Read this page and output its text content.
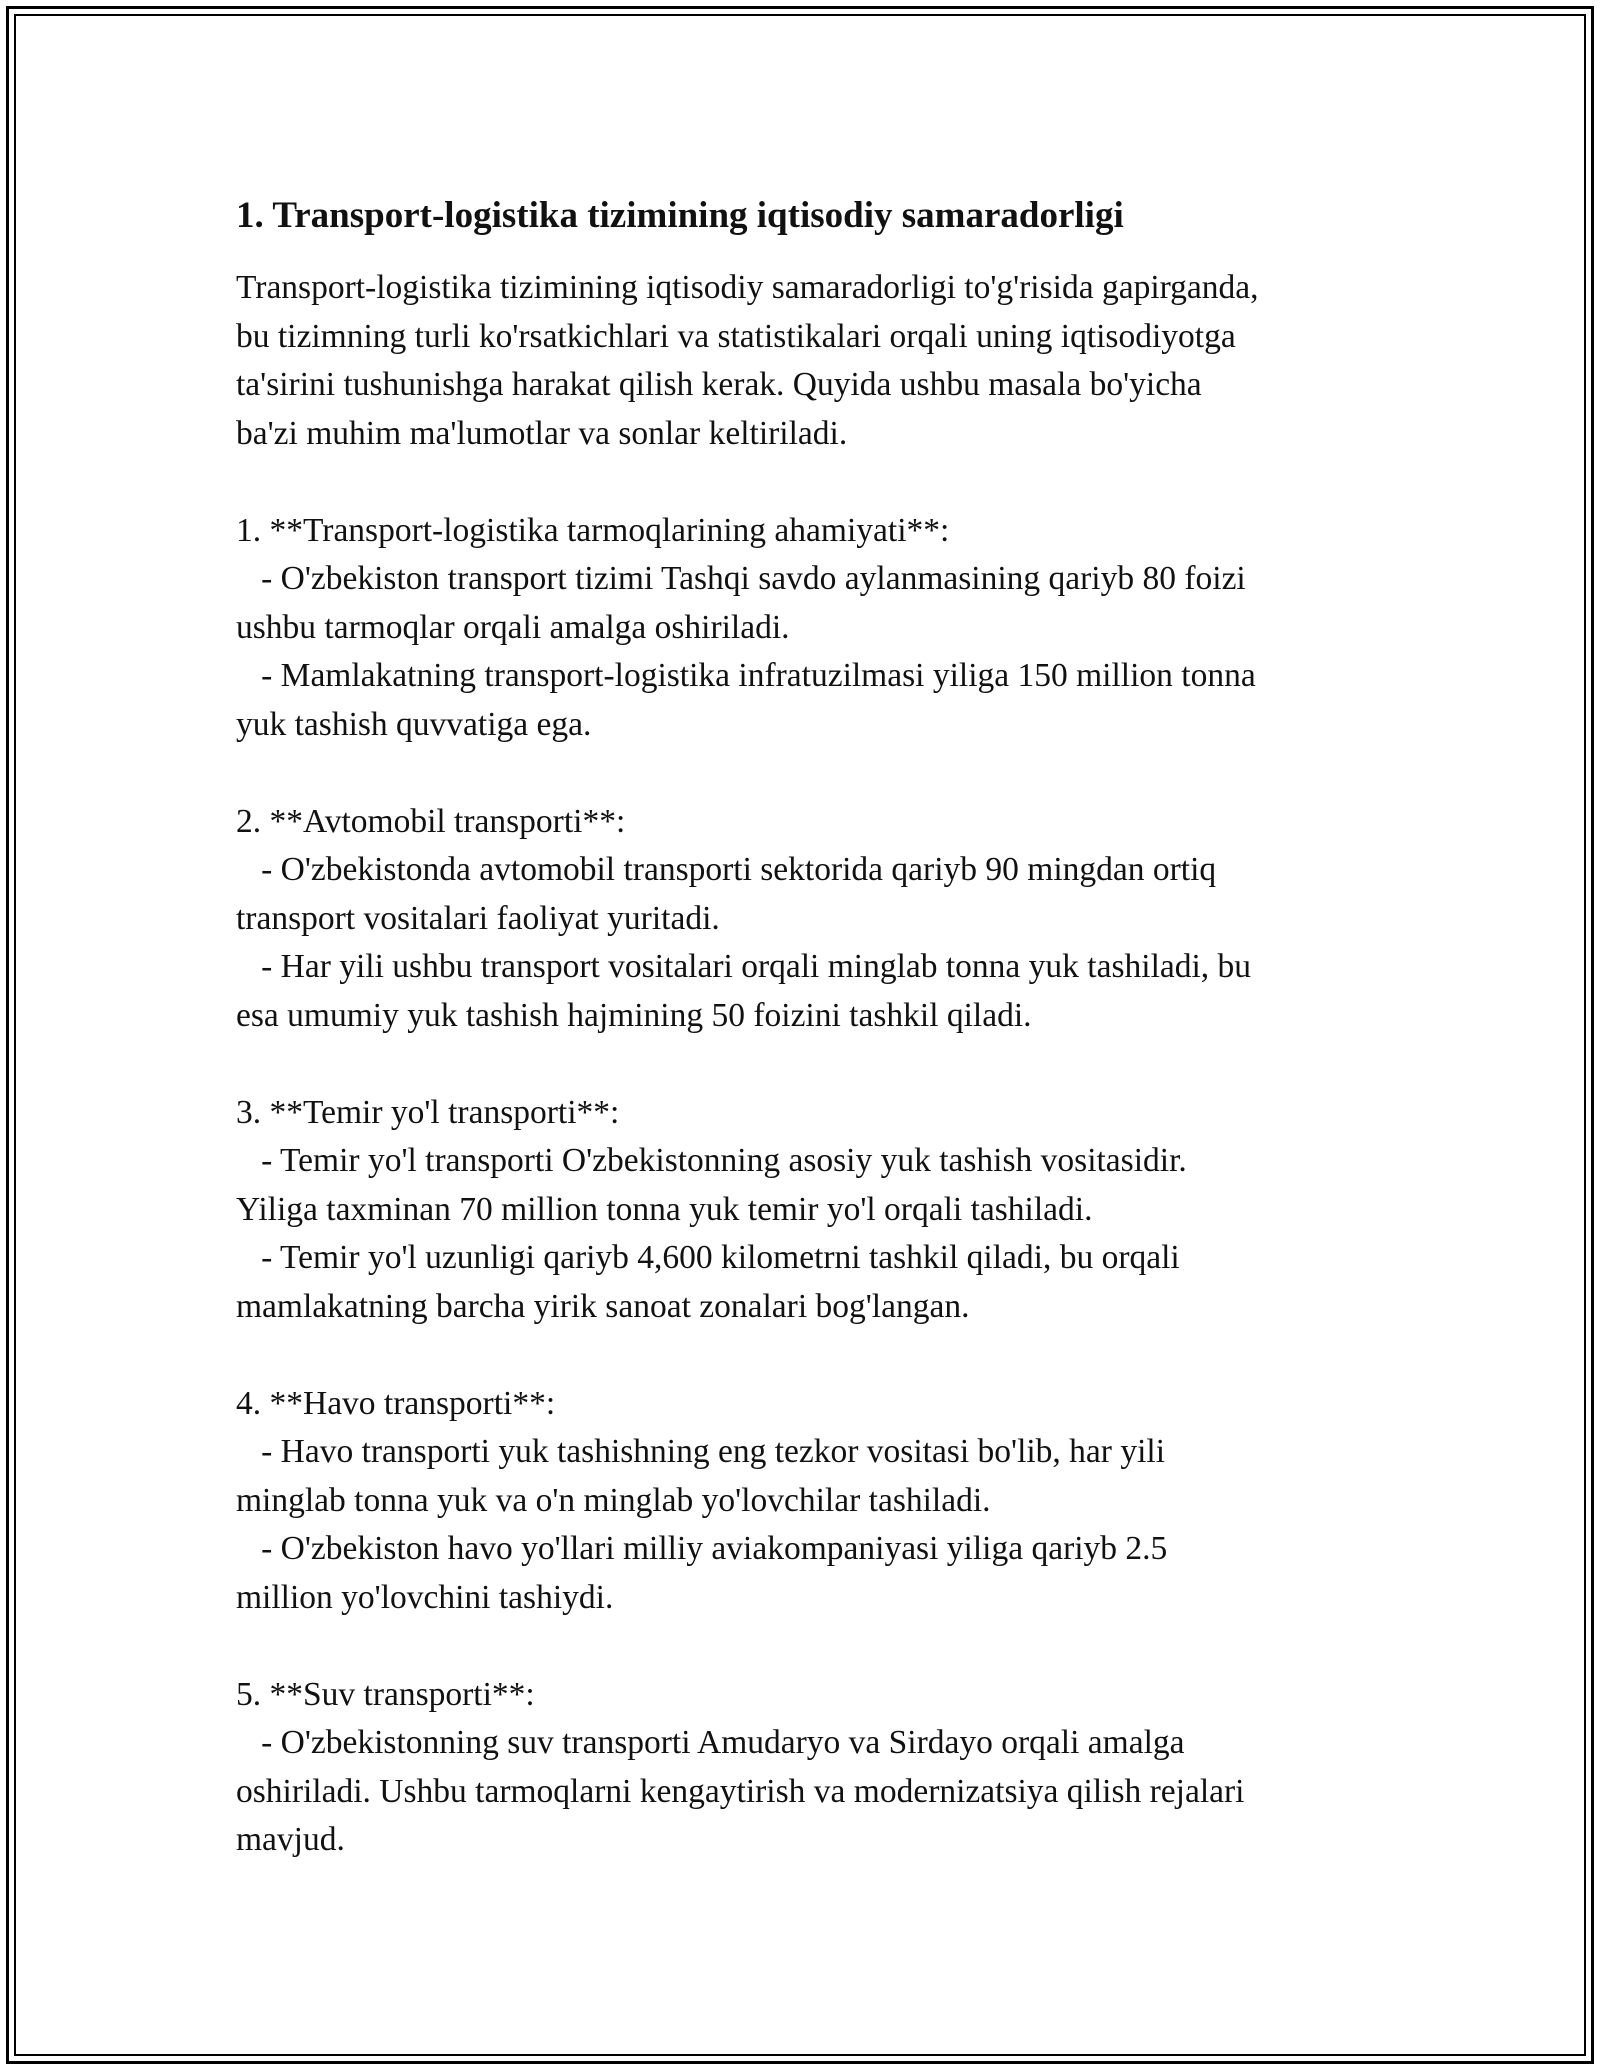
1. Transport-logistika tizimining iqtisodiy samaradorligi

Transport-logistika tizimining iqtisodiy samaradorligi to'g'risida gapirganda,
bu tizimning turli ko'rsatkichlari va statistikalari orqali uning iqtisodiyotga
ta'sirini tushunishga harakat qilish kerak. Quyida ushbu masala bo'yicha
ba'zi muhim ma'lumotlar va sonlar keltiriladi.

1. **Transport-logistika tarmoqlarining ahamiyati**:
- O'zbekiston transport tizimi Tashqi savdo aylanmasining qariyb 80 foizi
ushbu tarmoqlar orqali amalga oshiriladi.
- Mamlakatning transport-logistika infratuzilmasi yiliga 150 million tonna
yuk tashish quvvatiga ega.

2. **Avtomobil transporti**:
- O'zbekistonda avtomobil transporti sektorida qariyb 90 mingdan ortiq
transport vositalari faoliyat yuritadi.
- Har yili ushbu transport vositalari orqali minglab tonna yuk tashiladi, bu
esa umumiy yuk tashish hajmining 50 foizini tashkil qiladi.

3. **Temir yo'l transporti**:
- Temir yo'l transporti O'zbekistonning asosiy yuk tashish vositasidir.
Yiliga taxminan 70 million tonna yuk temir yo'l orqali tashiladi.
- Temir yo'l uzunligi qariyb 4,600 kilometrni tashkil qiladi, bu orqali
mamlakatning barcha yirik sanoat zonalari bog'langan.

4. **Havo transporti**:
- Havo transporti yuk tashishning eng tezkor vositasi bo'lib, har yili
minglab tonna yuk va o'n minglab yo'lovchilar tashiladi.
- O'zbekiston havo yo'llari milliy aviakompaniyasi yiliga qariyb 2.5
million yo'lovchini tashiydi.

5. **Suv transporti**:
- O'zbekistonning suv transporti Amudaryo va Sirdayo orqali amalga
oshiriladi. Ushbu tarmoqlarni kengaytirish va modernizatsiya qilish rejalari
mavjud.
